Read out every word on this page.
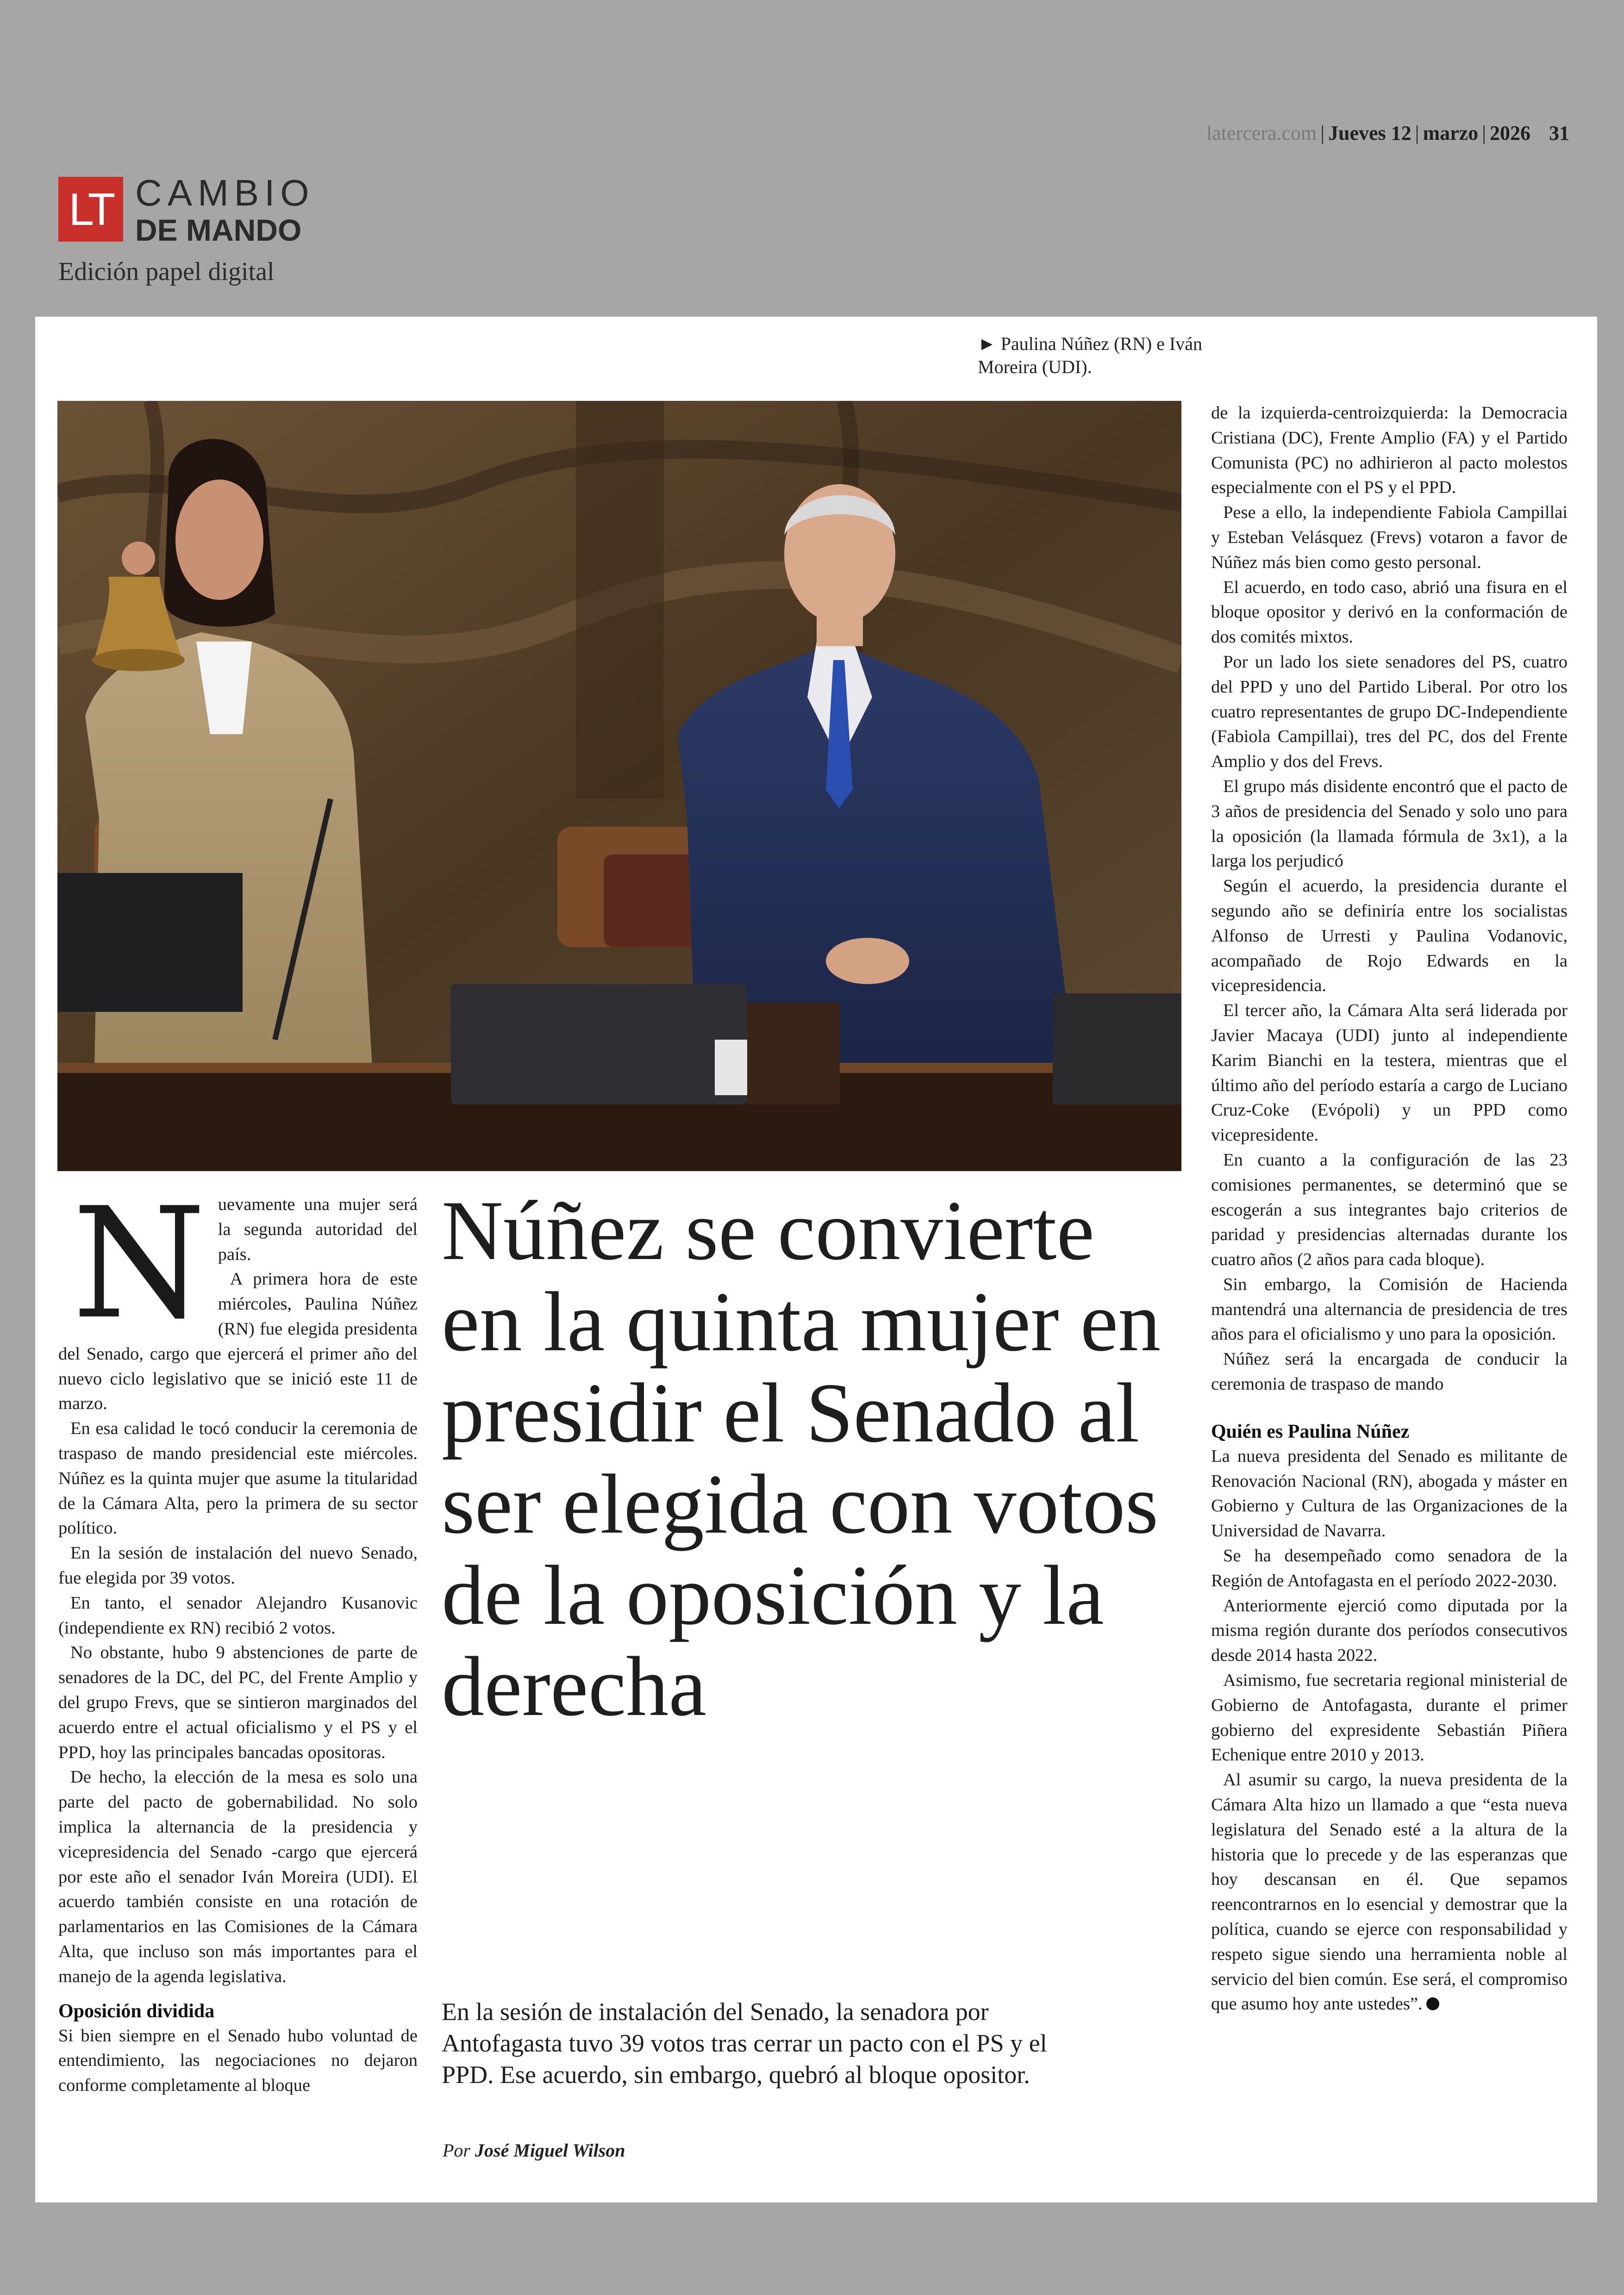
latercera.com | Jueves 12 | marzo | 2026 31
LT CAMBIO
DE MANDO
Edición papel digital
► Paulina Núñez (RN) e Iván Moreira (UDI).
N uevamente una mujer será la segunda autoridad del país.

A primera hora de este miércoles, Paulina Núñez (RN) fue elegida presidenta del Senado, cargo que ejercerá el primer año del nuevo ciclo legislativo que se inició este 11 de marzo.

En esa calidad le tocó conducir la ceremonia de traspaso de mando presidencial este miércoles. Núñez es la quinta mujer que asume la titularidad de la Cámara Alta, pero la primera de su sector político.

En la sesión de instalación del nuevo Senado, fue elegida por 39 votos.

En tanto, el senador Alejandro Kusanovic (independiente ex RN) recibió 2 votos.

No obstante, hubo 9 abstenciones de parte de senadores de la DC, del PC, del Frente Amplio y del grupo Frevs, que se sintieron marginados del acuerdo entre el actual oficialismo y el PS y el PPD, hoy las principales bancadas opositoras.

De hecho, la elección de la mesa es solo una parte del pacto de gobernabilidad. No solo implica la alternancia de la presidencia y vicepresidencia del Senado -cargo que ejercerá por este año el senador Iván Moreira (UDI). El acuerdo también consiste en una rotación de parlamentarios en las Comisiones de la Cámara Alta, que incluso son más importantes para el manejo de la agenda legislativa.

Oposición dividida

Si bien siempre en el Senado hubo voluntad de entendimiento, las negociaciones no dejaron conforme completamente al bloque

Núñez se convierte en la quinta mujer en presidir el Senado al ser elegida con votos de la oposición y la derecha
En la sesión de instalación del Senado, la senadora por Antofagasta tuvo 39 votos tras cerrar un pacto con el PS y el PPD. Ese acuerdo, sin embargo, quebró al bloque opositor.
Por José Miguel Wilson

de la izquierda-centroizquierda: la Democracia Cristiana (DC), Frente Amplio (FA) y el Partido Comunista (PC) no adhirieron al pacto molestos especialmente con el PS y el PPD.

Pese a ello, la independiente Fabiola Campillai y Esteban Velásquez (Frevs) votaron a favor de Núñez más bien como gesto personal.

El acuerdo, en todo caso, abrió una fisura en el bloque opositor y derivó en la conformación de dos comités mixtos.

Por un lado los siete senadores del PS, cuatro del PPD y uno del Partido Liberal. Por otro los cuatro representantes de grupo DC-Independiente (Fabiola Campillai), tres del PC, dos del Frente Amplio y dos del Frevs.

El grupo más disidente encontró que el pacto de 3 años de presidencia del Senado y solo uno para la oposición (la llamada fórmula de 3x1), a la larga los perjudicó

Según el acuerdo, la presidencia durante el segundo año se definiría entre los socialistas Alfonso de Urresti y Paulina Vodanovic, acompañado de Rojo Edwards en la vicepresidencia.

El tercer año, la Cámara Alta será liderada por Javier Macaya (UDI) junto al independiente Karim Bianchi en la testera, mientras que el último año del período estaría a cargo de Luciano Cruz-Coke (Evópoli) y un PPD como vicepresidente.

En cuanto a la configuración de las 23 comisiones permanentes, se determinó que se escogerán a sus integrantes bajo criterios de paridad y presidencias alternadas durante los cuatro años (2 años para cada bloque).

Sin embargo, la Comisión de Hacienda mantendrá una alternancia de presidencia de tres años para el oficialismo y uno para la oposición.

Núñez será la encargada de conducir la ceremonia de traspaso de mando

Quién es Paulina Núñez

La nueva presidenta del Senado es militante de Renovación Nacional (RN), abogada y máster en Gobierno y Cultura de las Organizaciones de la Universidad de Navarra.

Se ha desempeñado como senadora de la Región de Antofagasta en el período 2022-2030.

Anteriormente ejerció como diputada por la misma región durante dos períodos consecutivos desde 2014 hasta 2022.

Asimismo, fue secretaria regional ministerial de Gobierno de Antofagasta, durante el primer gobierno del expresidente Sebastián Piñera Echenique entre 2010 y 2013.

Al asumir su cargo, la nueva presidenta de la Cámara Alta hizo un llamado a que “esta nueva legislatura del Senado esté a la altura de la historia que lo precede y de las esperanzas que hoy descansan en él. Que sepamos reencontrarnos en lo esencial y demostrar que la política, cuando se ejerce con responsabilidad y respeto sigue siendo una herramienta noble al servicio del bien común. Ese será, el compromiso que asumo hoy ante ustedes”.
